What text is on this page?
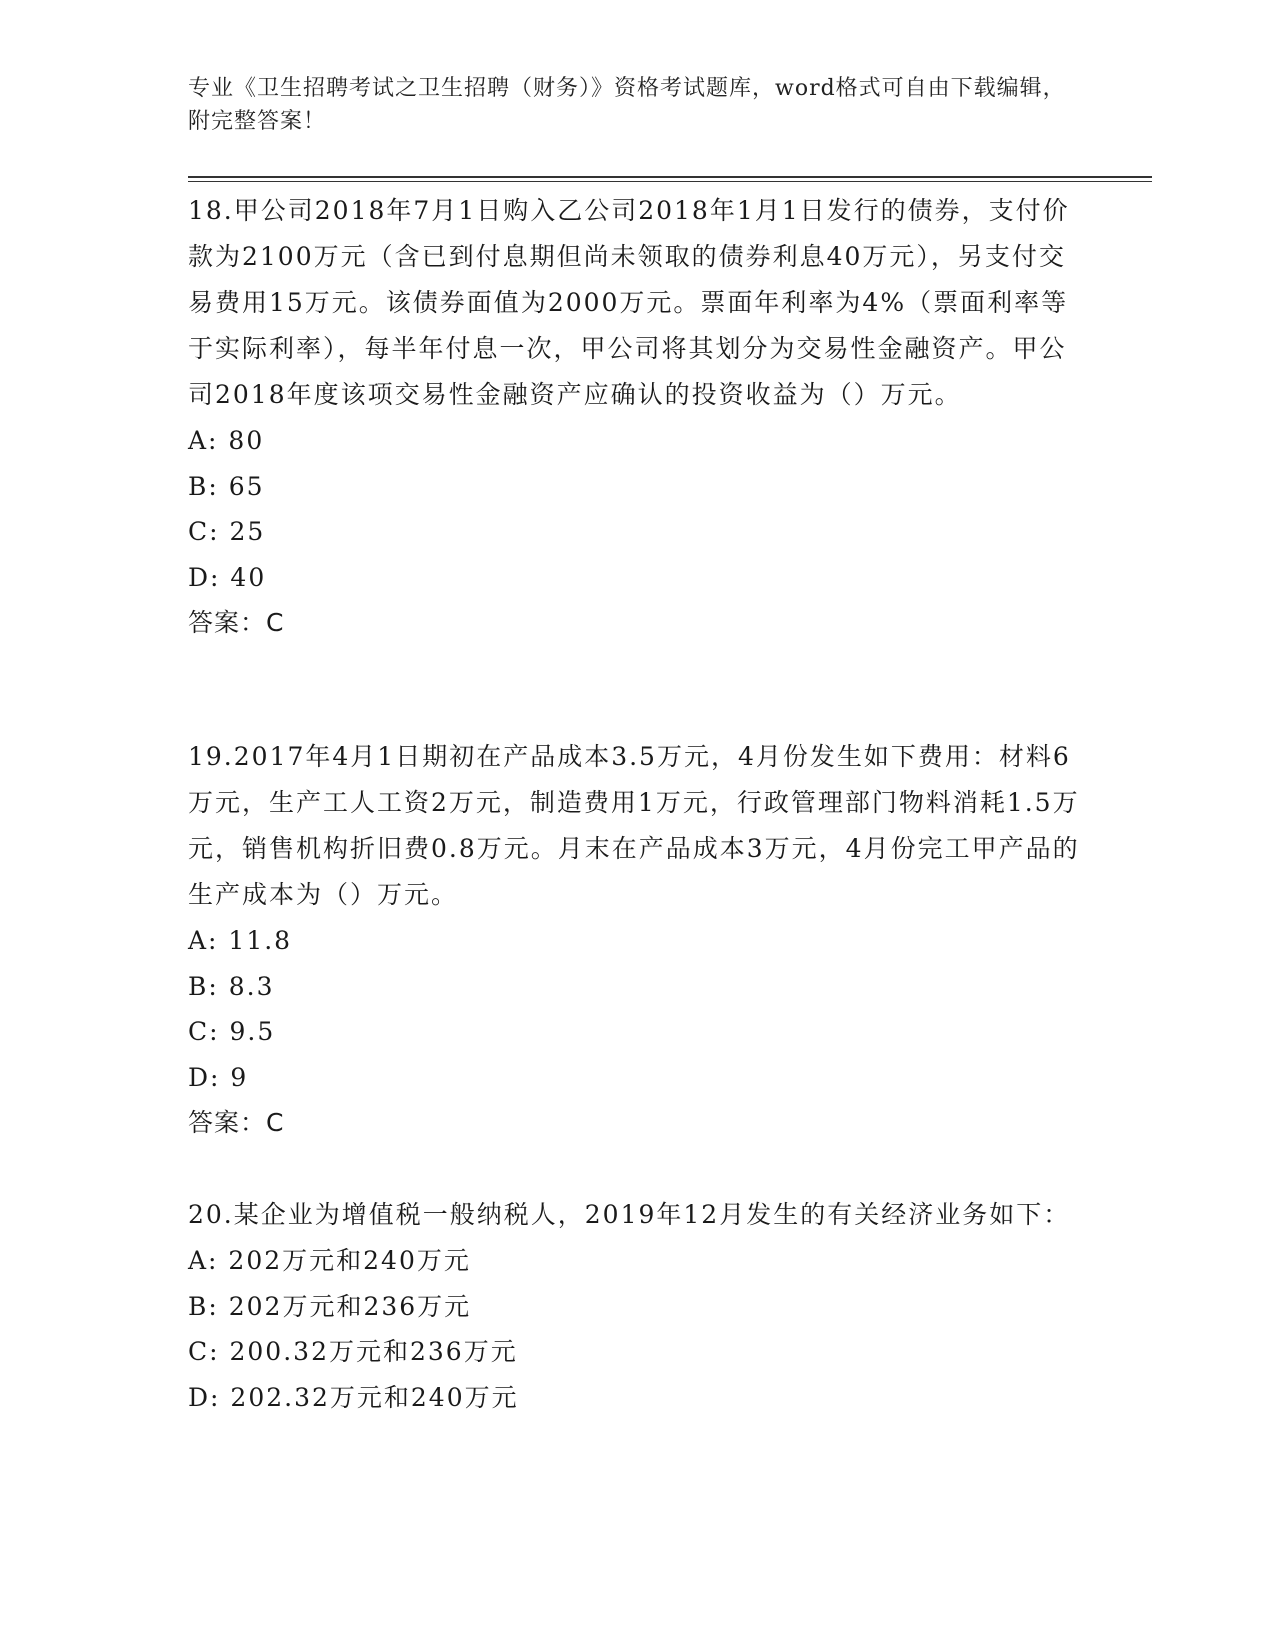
专业《卫生招聘考试之卫生招聘（财务）》资格考试题库，word格式可自由下载编辑，附完整答案！

18.甲公司2018年7月1日购入乙公司2018年1月1日发行的债券，支付价款为2100万元（含已到付息期但尚未领取的债券利息40万元），另支付交易费用15万元。该债券面值为2000万元。票面年利率为4%（票面利率等于实际利率），每半年付息一次，甲公司将其划分为交易性金融资产。甲公司2018年度该项交易性金融资产应确认的投资收益为（）万元。

A: 80

B: 65

C: 25

D: 40

答案：C

19.2017年4月1日期初在产品成本3.5万元，4月份发生如下费用：材料6万元，生产工人工资2万元，制造费用1万元，行政管理部门物料消耗1.5万元，销售机构折旧费0.8万元。月末在产品成本3万元，4月份完工甲产品的生产成本为（）万元。

A: 11.8

B: 8.3

C: 9.5

D: 9

答案：C

20.某企业为增值税一般纳税人，2019年12月发生的有关经济业务如下：

A: 202万元和240万元

B: 202万元和236万元

C: 200.32万元和236万元

D: 202.32万元和240万元
